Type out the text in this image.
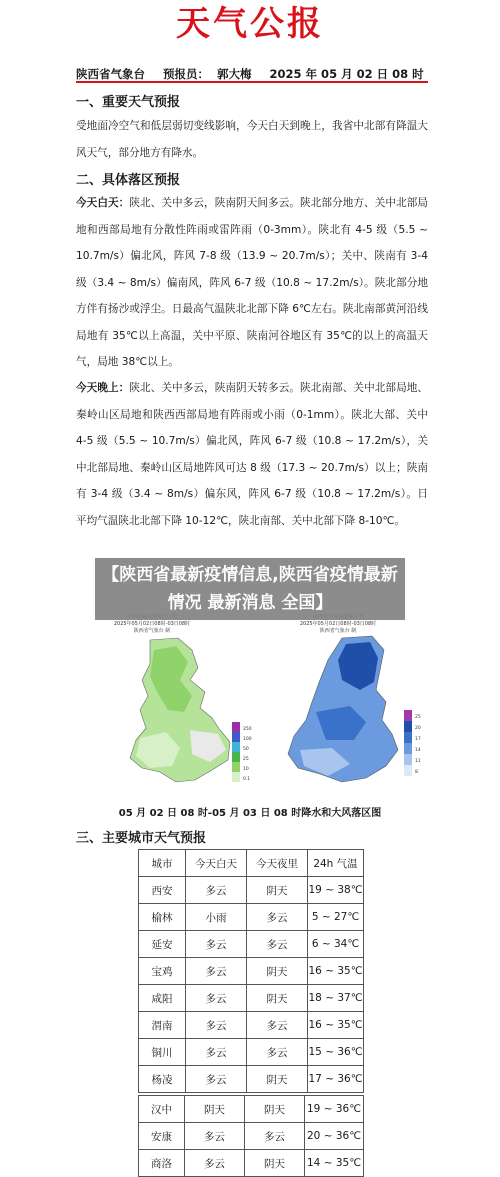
天气公报
陕西省气象台 预报员： 郭大梅 2025 年 05 月 02 日 08 时
一、重要天气预报

受地面冷空气和低层弱切变线影响，今天白天到晚上，我省中北部有降温大风天气，部分地方有降水。

二、具体落区预报

今天白天：陕北、关中多云，陕南阴天间多云。陕北部分地方、关中北部局地和西部局地有分散性阵雨或雷阵雨（0-3mm）。陕北有 4-5 级（5.5 ~ 10.7m/s）偏北风，阵风 7-8 级（13.9 ~ 20.7m/s）；关中、陕南有 3-4 级（3.4 ~ 8m/s）偏南风，阵风 6-7 级（10.8 ~ 17.2m/s）。陕北部分地方伴有扬沙或浮尘。日最高气温陕北北部下降 6℃左右。陕北南部黄河沿线局地有 35℃以上高温，关中平原、陕南河谷地区有 35℃的以上的高温天气，局地 38℃以上。

今天晚上：陕北、关中多云，陕南阴天转多云。陕北南部、关中北部局地、秦岭山区局地和陕西西部局地有阵雨或小雨（0-1mm）。陕北大部、关中 4-5 级（5.5 ~ 10.7m/s）偏北风，阵风 6-7 级（10.8 ~ 17.2m/s），关中北部局地、秦岭山区局地阵风可达 8 级（17.3 ~ 20.7m/s）以上；陕南有 3-4 级（3.4 ~ 8m/s）偏东风，阵风 6-7 级（10.8 ~ 17.2m/s）。日平均气温陕北北部下降 10-12℃，陕北南部、关中北部下降 8-10℃。

2025年05月02日08时-03日08时
陕西省气象台 制
250
100
50
25
10
0.1
2025年05月02日08时-03日08时
陕西省气象台 制
25
20
17
14
11
8
05 月 02 日 08 时-05 月 03 日 08 时降水和大风落区图
【陕西省最新疫情信息,陕西省疫情最新情况 最新消息 全国】
三、主要城市天气预报
城市	今天白天	今天夜里	24h 气温
西安	多云	阴天	19 ~ 38℃
榆林	小雨	多云	5 ~ 27℃
延安	多云	多云	6 ~ 34℃
宝鸡	多云	阴天	16 ~ 35℃
咸阳	多云	阴天	18 ~ 37℃
渭南	多云	多云	16 ~ 35℃
铜川	多云	多云	15 ~ 36℃
杨凌	多云	阴天	17 ~ 36℃
汉中	阴天	阴天	19 ~ 36℃
安康	多云	多云	20 ~ 36℃
商洛	多云	阴天	14 ~ 35℃
